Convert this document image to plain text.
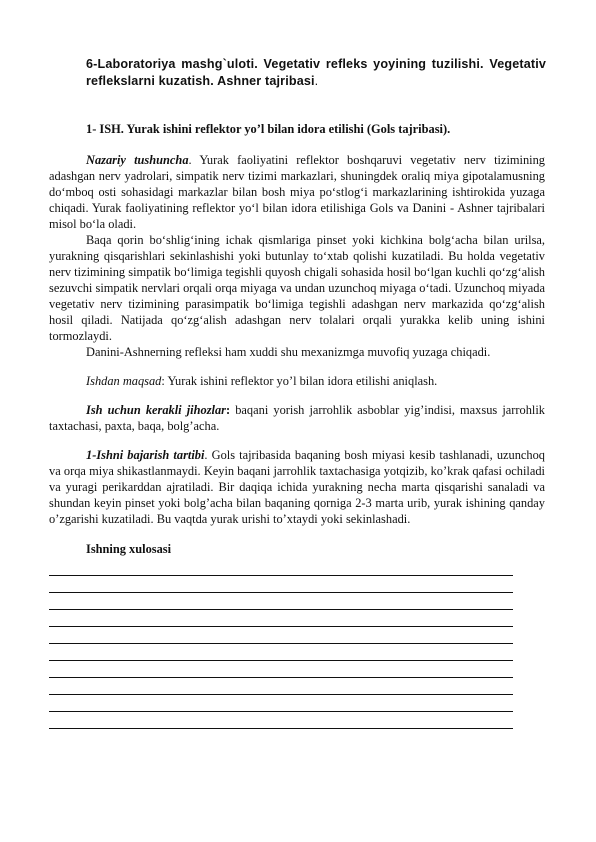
6-Laboratoriya mashg`uloti. Vegetativ refleks yoyining tuzilishi. Vegetativ reflekslarni kuzatish. Ashner tajribasi.

1- ISH. Yurak ishini reflektor yo’l bilan idora etilishi (Gols tajribasi).

Nazariy tushuncha. Yurak faoliyatini reflektor boshqaruvi vegetativ nerv tizimining adashgan nerv yadrolari, simpatik nerv tizimi markazlari, shuningdek oraliq miya gipotalamusning do‘mboq osti sohasidagi markazlar bilan bosh miya po‘stlog‘i markazlarining ishtirokida yuzaga chiqadi. Yurak faoliyatining reflektor yo‘l bilan idora etilishiga Gols va Danini - Ashner tajribalari misol bo‘la oladi.

Baqa qorin bo‘shlig‘ining ichak qismlariga pinset yoki kichkina bolg‘acha bilan urilsa, yurakning qisqarishlari sekinlashishi yoki butunlay to‘xtab qolishi kuzatiladi. Bu holda vegetativ nerv tizimining simpatik bo‘limiga tegishli quyosh chigali sohasida hosil bo‘lgan kuchli qo‘zg‘alish sezuvchi simpatik nervlari orqali orqa miyaga va undan uzunchoq miyaga o‘tadi. Uzunchoq miyada vegetativ nerv tizimining parasimpatik bo‘limiga tegishli adashgan nerv markazida qo‘zg‘alish hosil qiladi. Natijada qo‘zg‘alish adashgan nerv tolalari orqali yurakka kelib uning ishini tormozlaydi.

Danini-Ashnerning refleksi ham xuddi shu mexanizmga muvofiq yuzaga chiqadi.

Ishdan maqsad: Yurak ishini reflektor yo’l bilan idora etilishi aniqlash.

Ish uchun kerakli jihozlar: baqani yorish jarrohlik asboblar yig’indisi, maxsus jarrohlik taxtachasi, paxta, baqa, bolg’acha.

1-Ishni bajarish tartibi. Gols tajribasida baqaning bosh miyasi kesib tashlanadi, uzunchoq va orqa miya shikastlanmaydi. Keyin baqani jarrohlik taxtachasiga yotqizib, ko’krak qafasi ochiladi va yuragi perikarddan ajratiladi. Bir daqiqa ichida yurakning necha marta qisqarishi sanaladi va shundan keyin pinset yoki bolg’acha bilan baqaning qorniga 2-3 marta urib, yurak ishining qanday o’zgarishi kuzatiladi. Bu vaqtda yurak urishi to’xtaydi yoki sekinlashadi.

Ishning xulosasi
